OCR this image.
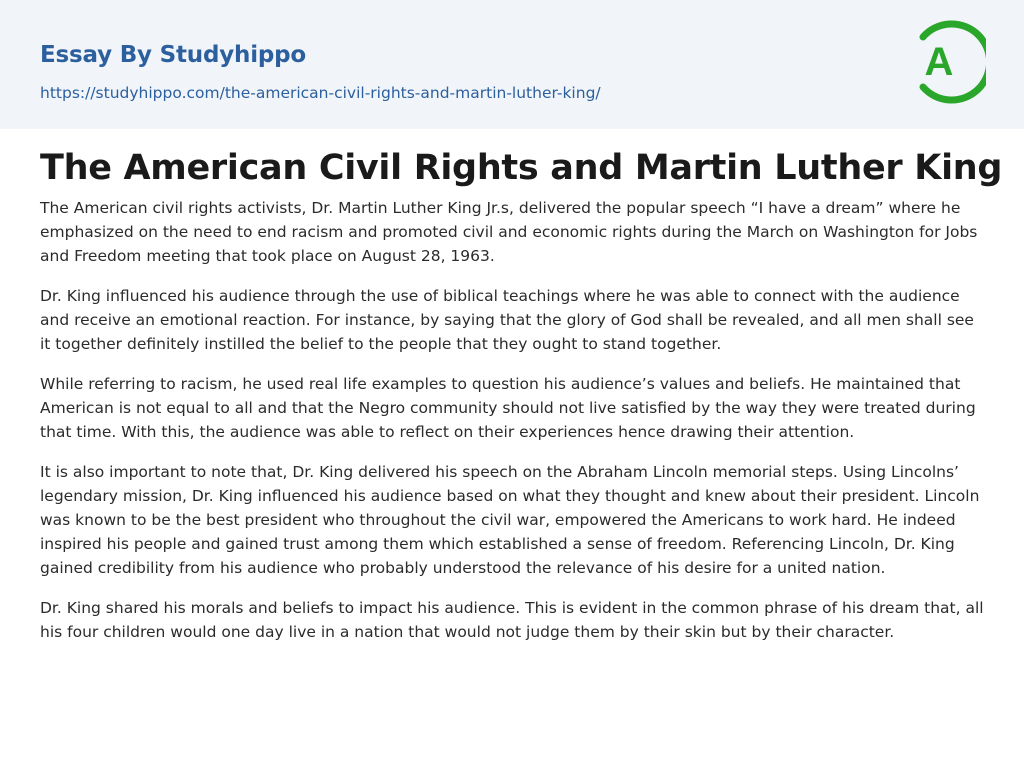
Essay By Studyhippo
https://studyhippo.com/the-american-civil-rights-and-martin-luther-king/
A
The American Civil Rights and Martin Luther King

The American civil rights activists, Dr. Martin Luther King Jr.s, delivered the popular speech “I have a dream” where he emphasized on the need to end racism and promoted civil and economic rights during the March on Washington for Jobs and Freedom meeting that took place on August 28, 1963.

Dr. King influenced his audience through the use of biblical teachings where he was able to connect with the audience and receive an emotional reaction. For instance, by saying that the glory of God shall be revealed, and all men shall see it together definitely instilled the belief to the people that they ought to stand together.

While referring to racism, he used real life examples to question his audience’s values and beliefs. He maintained that American is not equal to all and that the Negro community should not live satisfied by the way they were treated during that time. With this, the audience was able to reflect on their experiences hence drawing their attention.

It is also important to note that, Dr. King delivered his speech on the Abraham Lincoln memorial steps. Using Lincolns’ legendary mission, Dr. King influenced his audience based on what they thought and knew about their president. Lincoln was known to be the best president who throughout the civil war, empowered the Americans to work hard. He indeed inspired his people and gained trust among them which established a sense of freedom. Referencing Lincoln, Dr. King gained credibility from his audience who probably understood the relevance of his desire for a united nation.

Dr. King shared his morals and beliefs to impact his audience. This is evident in the common phrase of his dream that, all his four children would one day live in a nation that would not judge them by their skin but by their character.
